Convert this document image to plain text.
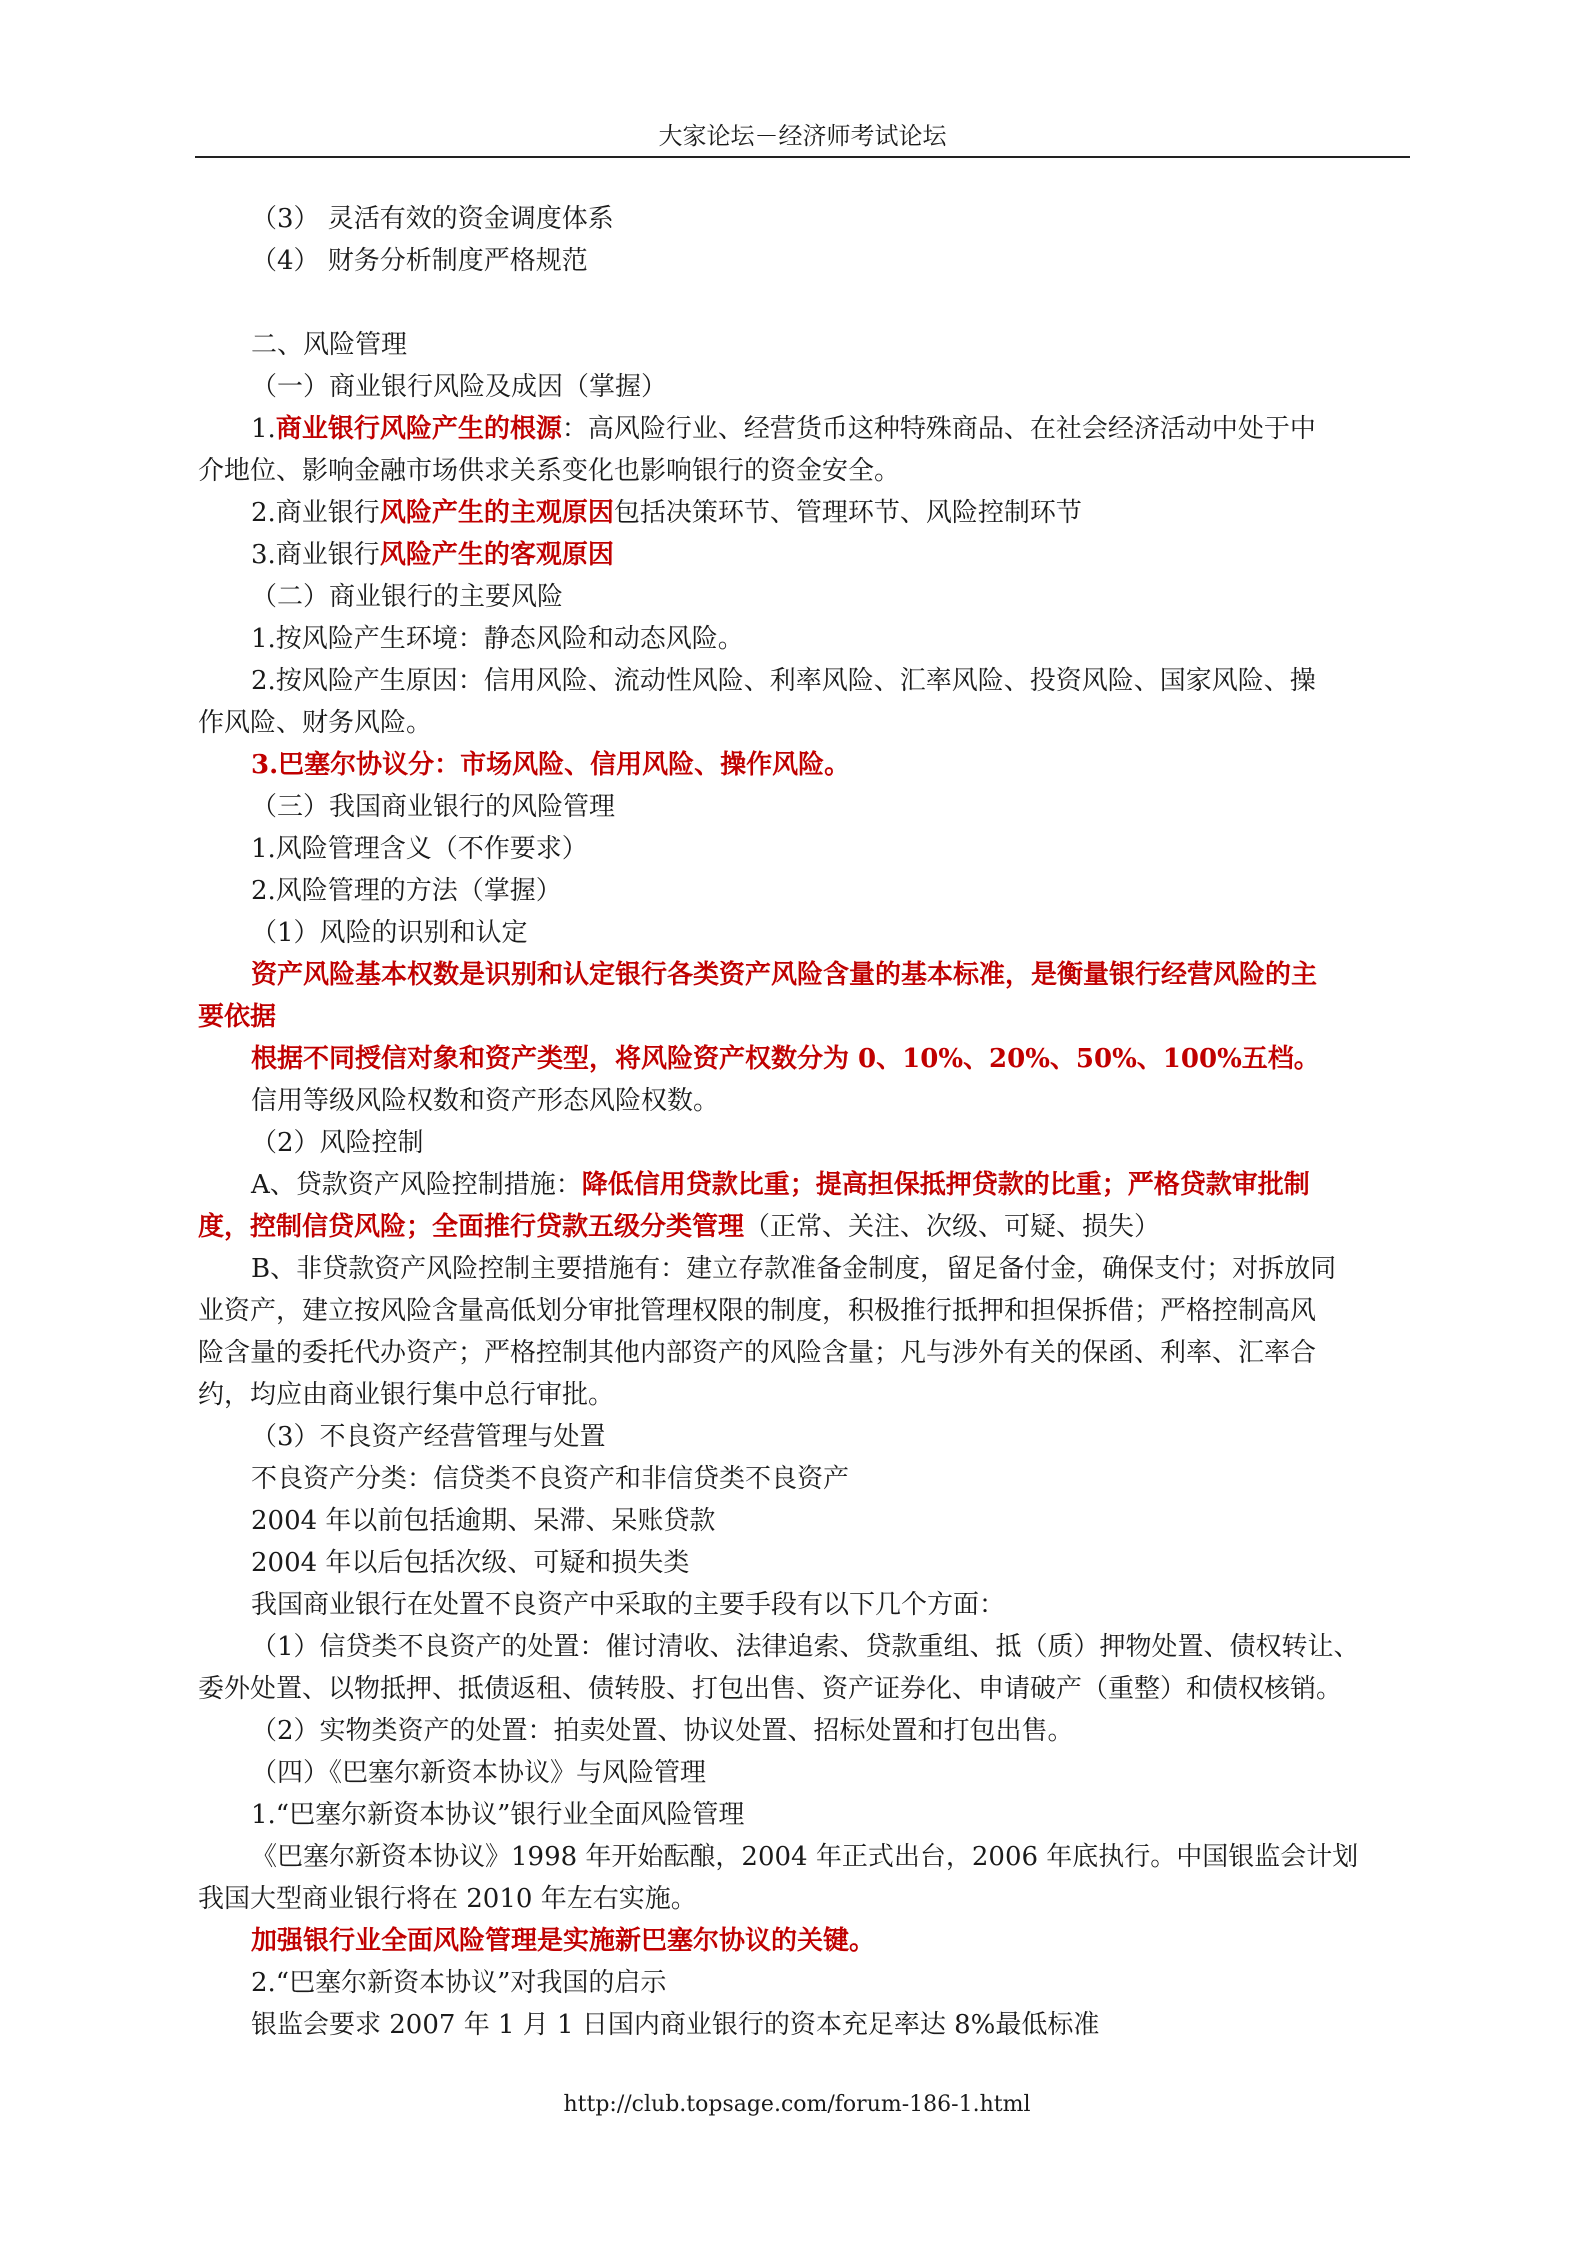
大家论坛－经济师考试论坛
（3） 灵活有效的资金调度体系
（4） 财务分析制度严格规范
二、风险管理
（一）商业银行风险及成因（掌握）
1.商业银行风险产生的根源：高风险行业、经营货币这种特殊商品、在社会经济活动中处于中
介地位、影响金融市场供求关系变化也影响银行的资金安全。
2.商业银行风险产生的主观原因包括决策环节、管理环节、风险控制环节
3.商业银行风险产生的客观原因
（二）商业银行的主要风险
1.按风险产生环境：静态风险和动态风险。
2.按风险产生原因：信用风险、流动性风险、利率风险、汇率风险、投资风险、国家风险、操
作风险、财务风险。
3.巴塞尔协议分：市场风险、信用风险、操作风险。
（三）我国商业银行的风险管理
1.风险管理含义（不作要求）
2.风险管理的方法（掌握）
（1）风险的识别和认定
资产风险基本权数是识别和认定银行各类资产风险含量的基本标准，是衡量银行经营风险的主
要依据
根据不同授信对象和资产类型，将风险资产权数分为 0、10%、20%、50%、100%五档。
信用等级风险权数和资产形态风险权数。
（2）风险控制
A、贷款资产风险控制措施：降低信用贷款比重；提高担保抵押贷款的比重；严格贷款审批制
度，控制信贷风险；全面推行贷款五级分类管理（正常、关注、次级、可疑、损失）
B、非贷款资产风险控制主要措施有：建立存款准备金制度，留足备付金，确保支付；对拆放同
业资产，建立按风险含量高低划分审批管理权限的制度，积极推行抵押和担保拆借；严格控制高风
险含量的委托代办资产；严格控制其他内部资产的风险含量；凡与涉外有关的保函、利率、汇率合
约，均应由商业银行集中总行审批。
（3）不良资产经营管理与处置
不良资产分类：信贷类不良资产和非信贷类不良资产
2004 年以前包括逾期、呆滞、呆账贷款
2004 年以后包括次级、可疑和损失类
我国商业银行在处置不良资产中采取的主要手段有以下几个方面：
（1）信贷类不良资产的处置：催讨清收、法律追索、贷款重组、抵（质）押物处置、债权转让、
委外处置、以物抵押、抵债返租、债转股、打包出售、资产证券化、申请破产（重整）和债权核销。
（2）实物类资产的处置：拍卖处置、协议处置、招标处置和打包出售。
（四）《巴塞尔新资本协议》与风险管理
1.“巴塞尔新资本协议”银行业全面风险管理
《巴塞尔新资本协议》1998 年开始酝酿，2004 年正式出台，2006 年底执行。中国银监会计划
我国大型商业银行将在 2010 年左右实施。
加强银行业全面风险管理是实施新巴塞尔协议的关键。
2.“巴塞尔新资本协议”对我国的启示
银监会要求 2007 年 1 月 1 日国内商业银行的资本充足率达 8%最低标准
http://club.topsage.com/forum-186-1.html
